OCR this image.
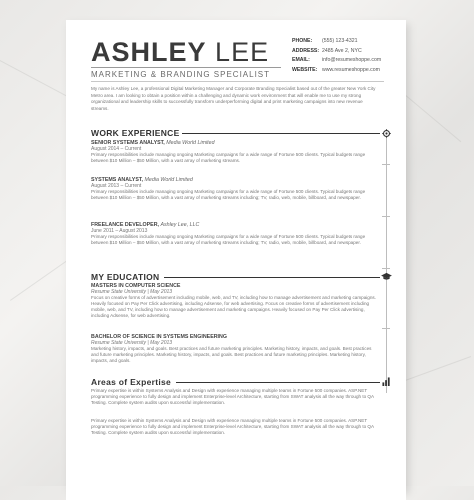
ASHLEY LEE
MARKETING & BRANDING SPECIALIST
PHONE: (555) 123-4321
ADDRESS: 2485 Ave 2, NYC
EMAIL: info@resumeshoppe.com
WEBSITE: www.resumeshoppe.com
My name is Ashley Lee, a professional Digital Marketing Manager and Corporate Branding Specialist based out of the greater New York City Metro area. I am looking to obtain a position within a challenging and dynamic work environment that will enable me to use my strong organizational and leadership skills to successfully transform underperforming digital and print marketing campaigns into new revenue streams.
WORK EXPERIENCE
SENIOR SYSTEMS ANALYST, Media World Limited
August 2014 – Current
Primary responsibilities include managing ongoing Marketing campaigns for a wide range of Fortune 500 clients. Typical budgets range between $10 Million – $50 Million, with a vast array of marketing streams.
SYSTEMS ANALYST, Media World Limited
August 2013 – Current
Primary responsibilities include managing ongoing Marketing campaigns for a wide range of Fortune 500 clients. Typical budgets range between $10 Million – $50 Million, with a vast array of marketing streams including; TV, radio, web, mobile, billboard, and newspaper.
FREELANCE DEVELOPER, Ashley Lee, LLC
June 2011 – August 2013
Primary responsibilities include managing ongoing Marketing campaigns for a wide range of Fortune 500 clients. Typical budgets range between $10 Million – $50 Million, with a vast array of marketing streams including; TV, radio, web, mobile, billboard, and newspaper.
MY EDUCATION
MASTERS IN COMPUTER SCIENCE
Resume State University | May 2013
Focus on creative forms of advertisement including mobile, web, and TV, including how to manage advertisement and marketing campaigns. Heavily focused on Pay Per Click advertising, including Adsense, for web advertising. Focus on creative forms of advertisement including mobile, web, and TV, including how to manage advertisement and marketing campaigns. Heavily focused on Pay Per Click advertising, including Adsense, for web advertising.
BACHELOR OF SCIENCE IN SYSTEMS ENGINEERING
Resume State University | May 2013
Marketing history, impacts, and goals. Best practices and future marketing principles. Marketing history, impacts, and goals. Best practices and future marketing principles. Marketing history, impacts, and goals. Best practices and future marketing principles. Marketing history, impacts, and goals.
Areas of Expertise
Primary expertise is within Systems Analysis and Design with experience managing multiple teams in Fortune 500 companies. ASP.NET programming experience to fully design and implement Enterprise-level Architecture, starting from SWAT analysis all the way through to QA Testing. Complete system audits upon successful implementation.
Primary expertise is within Systems Analysis and Design with experience managing multiple teams in Fortune 500 companies. ASP.NET programming experience to fully design and implement Enterprise-level Architecture, starting from SWAT analysis all the way through to QA Testing. Complete system audits upon successful implementation.
